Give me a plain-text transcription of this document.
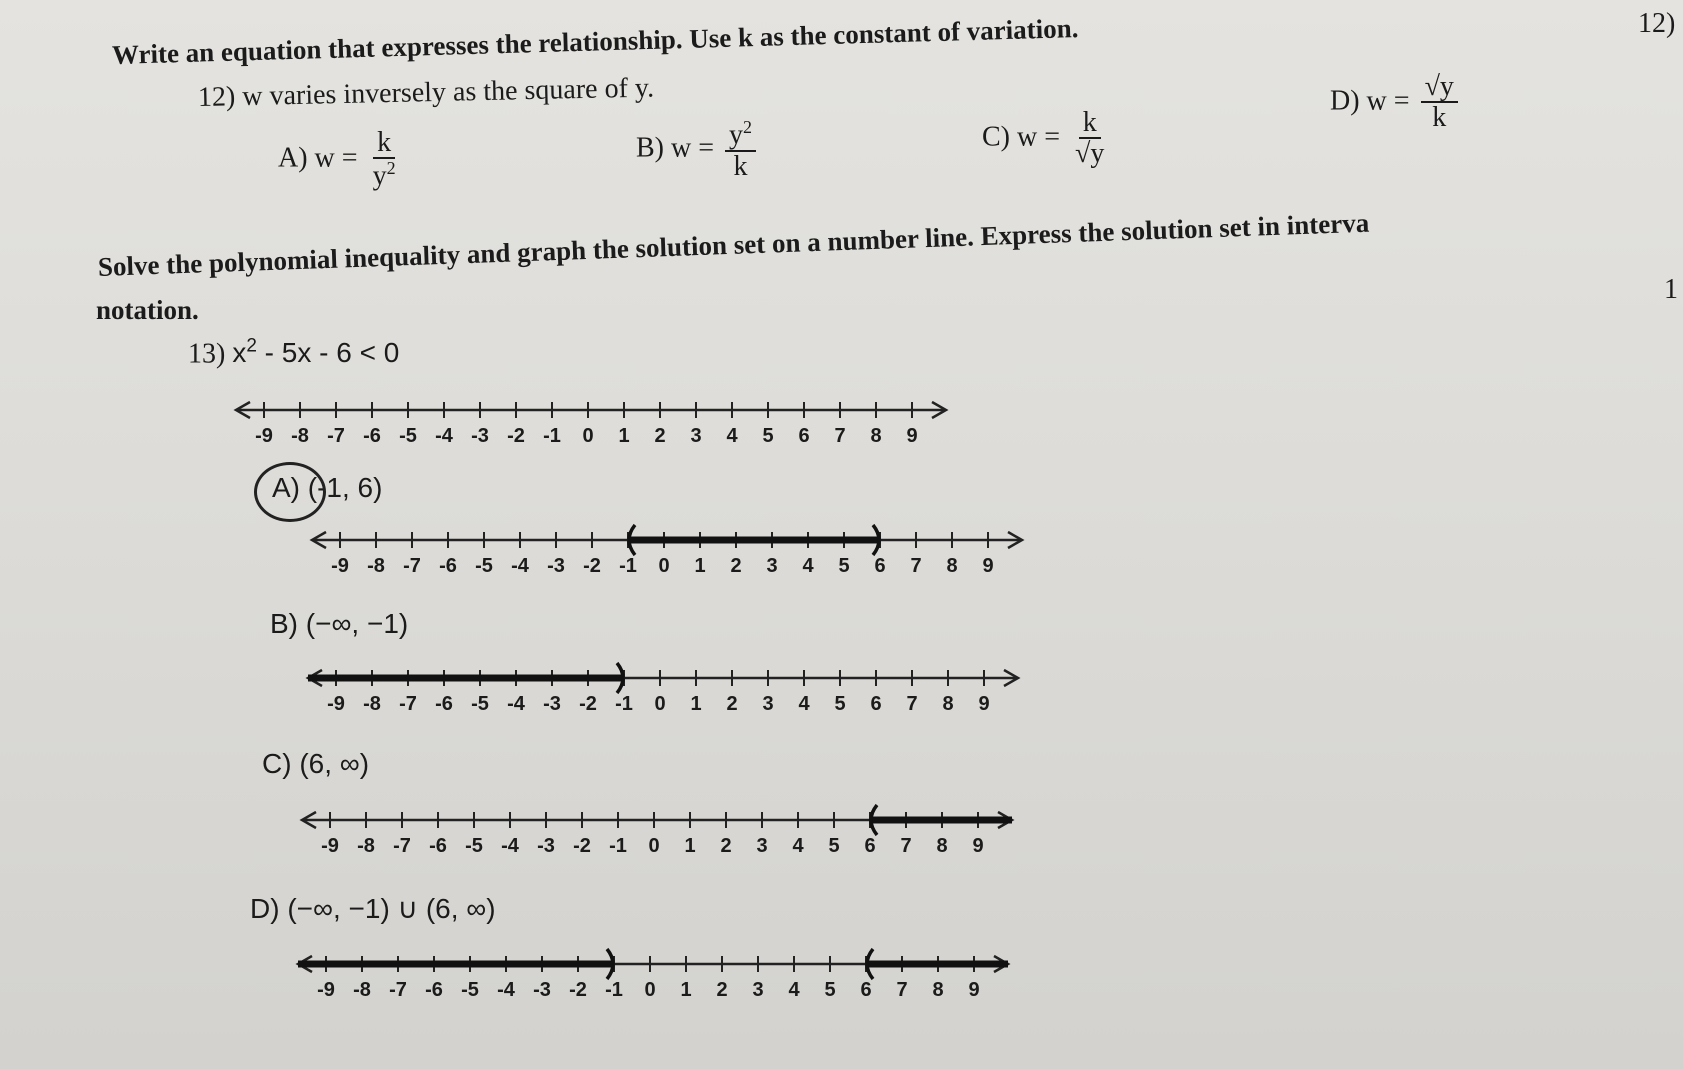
Write an equation that expresses the relationship. Use k as the constant of variation.	12)
12) w varies inversely as the square of y.
A) $w = \frac{k}{y^2}$	B) $w = \frac{y^2}{k}$	C) $w = \frac{k}{√y}$
D) $w = \frac{√y}{k}$
Solve the polynomial inequality and graph the solution set on a number line. Express the solution set in interva
notation.
1
13) $x^2 - 5x - 6 < 0$
-9 -8 -7 -6 -5 -4 -3 -2 -1 0 1 2 3 4 5 6 7 8 9
A) (-1, 6)
-9 -8 -7 -6 -5 -4 -3 -2 -1 0 1 2 3 4 5 6 7 8 9
B) (−∞, −1)
-9 -8 -7 -6 -5 -4 -3 -2 -1 0 1 2 3 4 5 6 7 8 9
C) (6, ∞)
-9 -8 -7 -6 -5 -4 -3 -2 -1 0 1 2 3 4 5 6 7 8 9
D) (−∞, −1) ∪ (6, ∞)
-9 -8 -7 -6 -5 -4 -3 -2 -1 0 1 2 3 4 5 6 7 8 9
